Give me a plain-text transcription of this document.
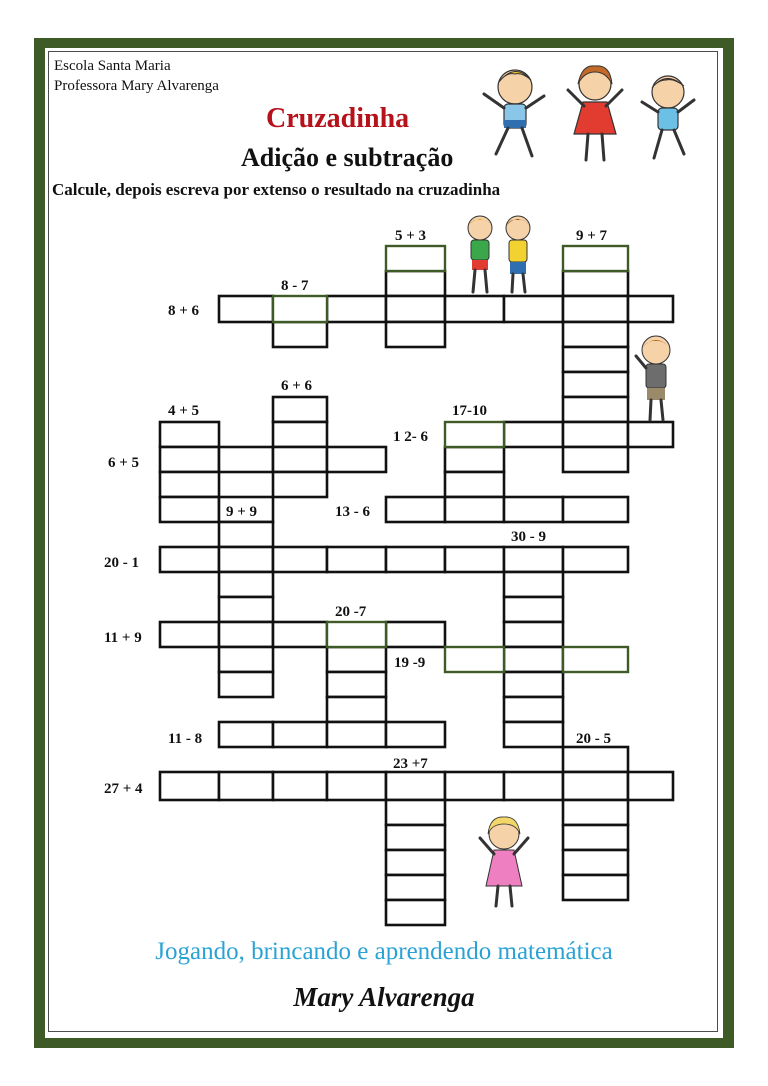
Escola Santa Maria
Professora Mary Alvarenga
Cruzadinha
Adição e subtração
Calcule, depois escreva por extenso o resultado na cruzadinha
5 + 3	9 + 7
8 - 7
8 + 6
6 + 6
4 + 5	17-10
1 2- 6
6 + 5
9 + 9	13 - 6
30 - 9
20 - 1
20 -7
11 + 9
19 -9
11 - 8	20 - 5
23 +7
27 + 4
Jogando, brincando e aprendendo matemática
Mary Alvarenga
